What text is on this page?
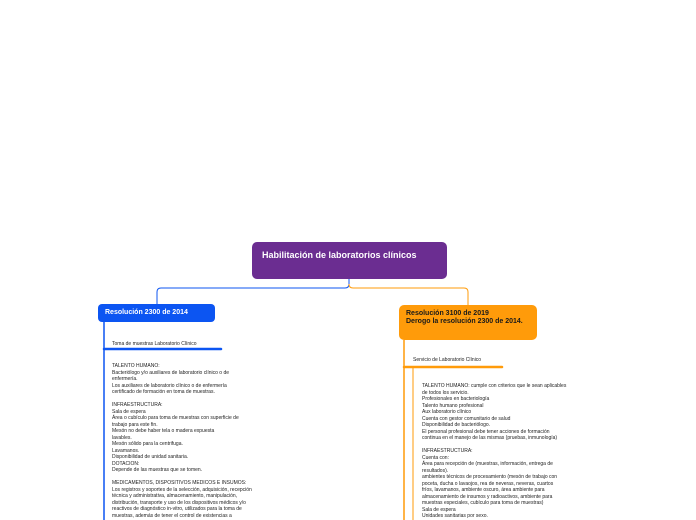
Habilitación de laboratorios clínicos
Resolución 2300 de 2014	Resolución 3100 de 2019
Derogo la resolución 2300 de 2014.
Toma de muestras Laboratorio Clínico
Servicio de Laboratorio Clínico
TALENTO HUMANO:
Bacteriólogo y/o auxiliares de laboratorio clínico o de
enfermería.
Los auxiliares de laboratorio clínico o de enfermería
certificado de formación en toma de muestras.

INFRAESTRUCTURA:
Sala de espera
Área o cubículo para toma de muestras con superficie de
trabajo para este fin.
Mesón no debe haber tela o madera expuesta
lavables.
Mesón sólido para la centrifuga.
Lavamanos.
Disponibilidad de unidad sanitaria.
DOTACION:
Depende de las muestras que se tomen.

MEDICAMENTOS, DISPOSITIVOS MEDICOS E INSUMOS:
Los registros y soportes de la selección, adquisición, recepción
técnica y administrativa, almacenamiento, manipulación,
distribución, transporte y uso de los dispositivos médicos y/o
reactivos de diagnóstico in-vitro, utilizados para la toma de
muestras, además de tener el control de existencias a
TALENTO HUMANO: cumple con criterios que le sean aplicables
de todos los servicio.
Profesionales en bacteriología
Talento humano profesional
Aux laboratorio clínico
Cuenta con gestor comunitario de salud
Disponibilidad de bacteriólogo.
El personal profesional debe tener acciones de formación
continua en el manejo de las mismas (pruebas, inmunología)

INFRAESTRUCTURA:
Cuenta con:
Área para recepción de (muestras, información, entrega de
resultados).
ambientes técnicos de procesamiento (mesón de trabajo con
poceta, ducha o lavaojos, rea de neveras, neveras, cuartos
fríos, lavamanos, ambiente oscuro, área ambiente para
almacenamiento de insumos y radioactivos, ambiente para
muestras especiales, cubículo para toma de muestras)
Sala de espera
Unidades sanitarias por sexo.
